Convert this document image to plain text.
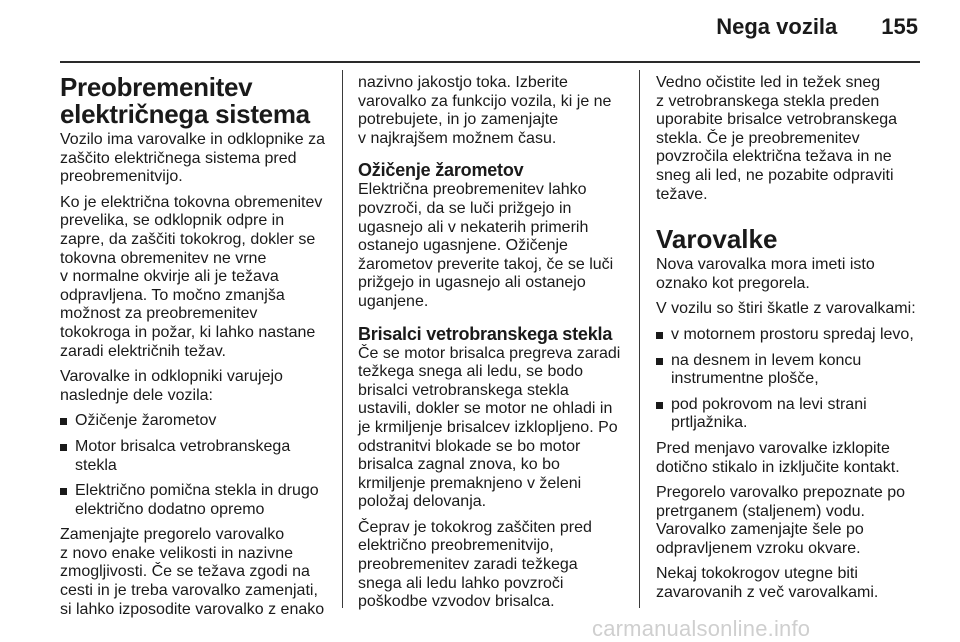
Nega vozila 155
Preobremenitev
električnega sistema

Vozilo ima varovalke in odklopnike za
zaščito električnega sistema pred
preobremenitvijo.

Ko je električna tokovna obremenitev
prevelika, se odklopnik odpre in
zapre, da zaščiti tokokrog, dokler se
tokovna obremenitev ne vrne
v normalne okvirje ali je težava
odpravljena. To močno zmanjša
možnost za preobremenitev
tokokroga in požar, ki lahko nastane
zaradi električnih težav.

Varovalke in odklopniki varujejo
naslednje dele vozila:

Ožičenje žarometov
Motor brisalca vetrobranskega
stekla
Električno pomična stekla in drugo
električno dodatno opremo

Zamenjajte pregorelo varovalko
z novo enake velikosti in nazivne
zmogljivosti. Če se težava zgodi na
cesti in je treba varovalko zamenjati,
si lahko izposodite varovalko z enako

nazivno jakostjo toka. Izberite
varovalko za funkcijo vozila, ki je ne
potrebujete, in jo zamenjajte
v najkrajšem možnem času.

Ožičenje žarometov

Električna preobremenitev lahko
povzroči, da se luči prižgejo in
ugasnejo ali v nekaterih primerih
ostanejo ugasnjene. Ožičenje
žarometov preverite takoj, če se luči
prižgejo in ugasnejo ali ostanejo
uganjene.

Brisalci vetrobranskega stekla

Če se motor brisalca pregreva zaradi
težkega snega ali ledu, se bodo
brisalci vetrobranskega stekla
ustavili, dokler se motor ne ohladi in
je krmiljenje brisalcev izklopljeno. Po
odstranitvi blokade se bo motor
brisalca zagnal znova, ko bo
krmiljenje premaknjeno v želeni
položaj delovanja.

Čeprav je tokokrog zaščiten pred
električno preobremenitvijo,
preobremenitev zaradi težkega
snega ali ledu lahko povzroči
poškodbe vzvodov brisalca.

Vedno očistite led in težek sneg
z vetrobranskega stekla preden
uporabite brisalce vetrobranskega
stekla. Če je preobremenitev
povzročila električna težava in ne
sneg ali led, ne pozabite odpraviti
težave.

Varovalke

Nova varovalka mora imeti isto
oznako kot pregorela.

V vozilu so štiri škatle z varovalkami:

v motornem prostoru spredaj levo,
na desnem in levem koncu
instrumentne plošče,
pod pokrovom na levi strani
prtljažnika.

Pred menjavo varovalke izklopite
dotično stikalo in izključite kontakt.

Pregorelo varovalko prepoznate po
pretrganem (staljenem) vodu.
Varovalko zamenjajte šele po
odpravljenem vzroku okvare.

Nekaj tokokrogov utegne biti
zavarovanih z več varovalkami.

carmanualsonline.info
